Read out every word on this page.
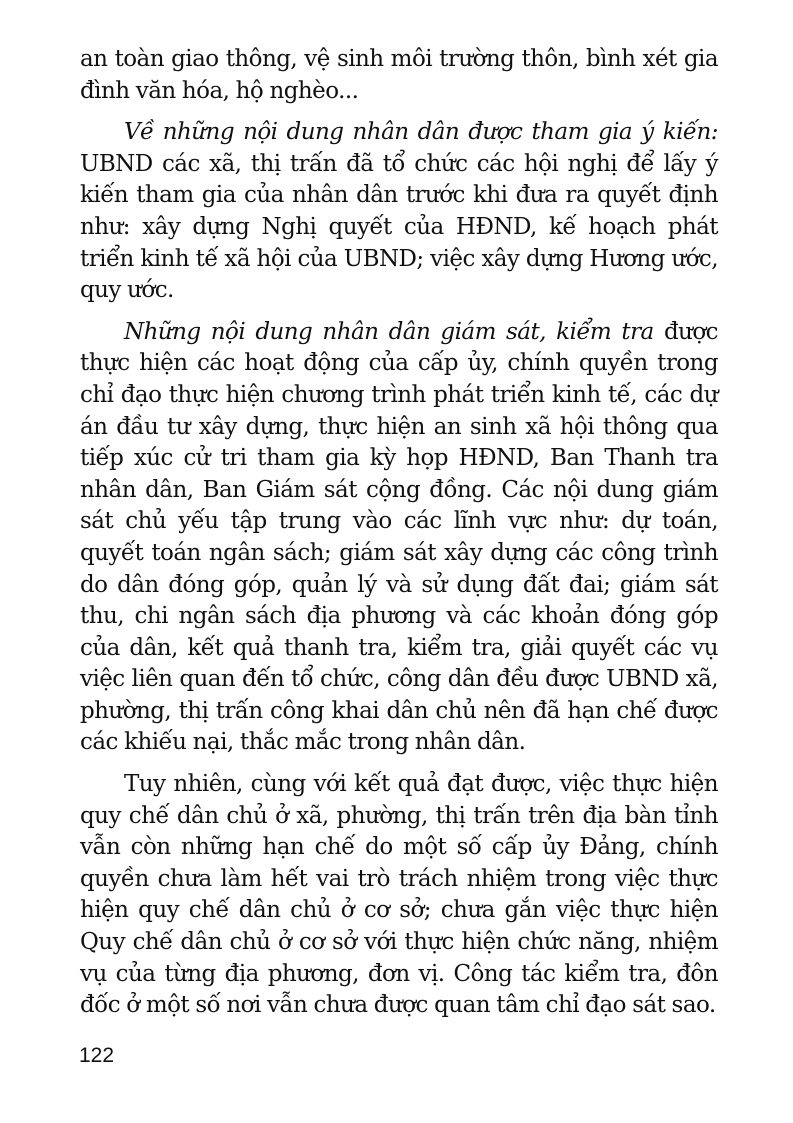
an toàn giao thông, vệ sinh môi trường thôn, bình xét gia đình văn hóa, hộ nghèo...

Về những nội dung nhân dân được tham gia ý kiến: UBND các xã, thị trấn đã tổ chức các hội nghị để lấy ý kiến tham gia của nhân dân trước khi đưa ra quyết định như: xây dựng Nghị quyết của HĐND, kế hoạch phát triển kinh tế xã hội của UBND; việc xây dựng Hương ước, quy ước.

Những nội dung nhân dân giám sát, kiểm tra được thực hiện các hoạt động của cấp ủy, chính quyền trong chỉ đạo thực hiện chương trình phát triển kinh tế, các dự án đầu tư xây dựng, thực hiện an sinh xã hội thông qua tiếp xúc cử tri tham gia kỳ họp HĐND, Ban Thanh tra nhân dân, Ban Giám sát cộng đồng. Các nội dung giám sát chủ yếu tập trung vào các lĩnh vực như: dự toán, quyết toán ngân sách; giám sát xây dựng các công trình do dân đóng góp, quản lý và sử dụng đất đai; giám sát thu, chi ngân sách địa phương và các khoản đóng góp của dân, kết quả thanh tra, kiểm tra, giải quyết các vụ việc liên quan đến tổ chức, công dân đều được UBND xã, phường, thị trấn công khai dân chủ nên đã hạn chế được các khiếu nại, thắc mắc trong nhân dân.

Tuy nhiên, cùng với kết quả đạt được, việc thực hiện quy chế dân chủ ở xã, phường, thị trấn trên địa bàn tỉnh vẫn còn những hạn chế do một số cấp ủy Đảng, chính quyền chưa làm hết vai trò trách nhiệm trong việc thực hiện quy chế dân chủ ở cơ sở; chưa gắn việc thực hiện Quy chế dân chủ ở cơ sở với thực hiện chức năng, nhiệm vụ của từng địa phương, đơn vị. Công tác kiểm tra, đôn đốc ở một số nơi vẫn chưa được quan tâm chỉ đạo sát sao.

122
